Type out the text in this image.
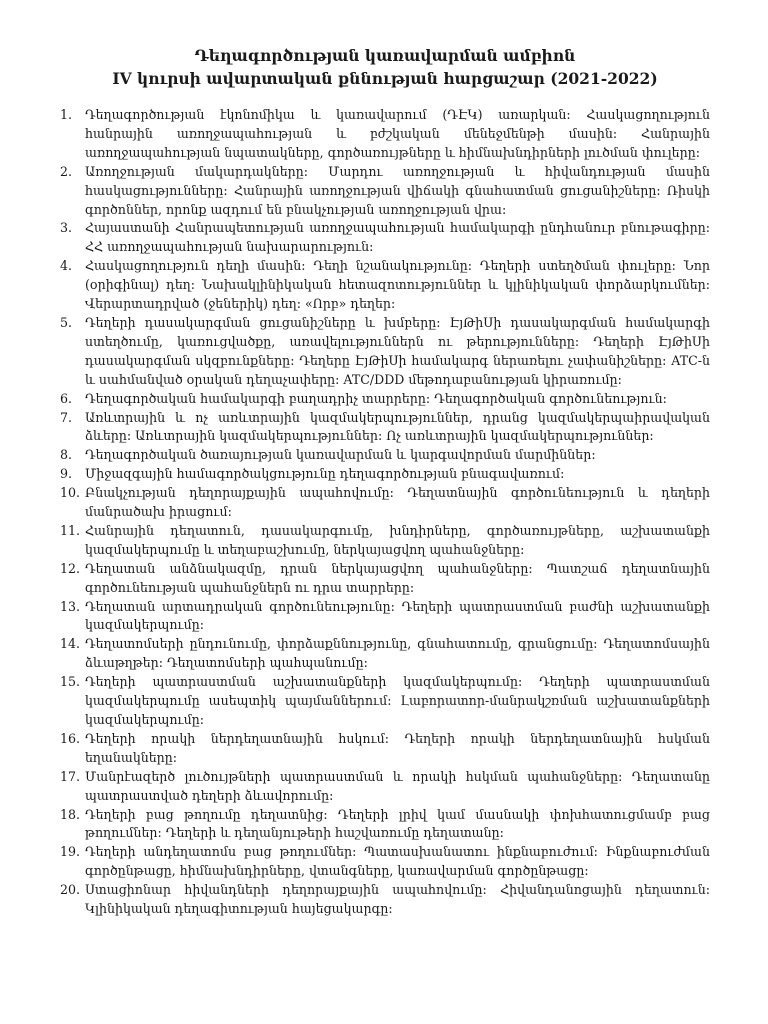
Դեղագործության կառավարման ամբիոն
IV կուրսի ավարտական քննության հարցաշար (2021-2022)
1.	Դեղագործության էկոնոմիկա և կառավարում (ԴԷԿ) առարկան: Հասկացողություն հանրային առողջապահության և բժշկական մենեջմենթի մասին: Հանրային առողջապահության նպատակները, գործառույթները և հիմնախնդիրների լուծման փուլերը:
2.	Առողջության մակարդակները: Մարդու առողջության և հիվանդության մասին հասկացությունները: Հանրային առողջության վիճակի գնահատման ցուցանիշները: Ռիսկի գործոններ, որոնք ազդում են բնակչության առողջության վրա:
3.	Հայաստանի Հանրապետության առողջապահության համակարգի ընդհանուր բնութագիրը: ՀՀ առողջապահության նախարարություն:
4.	Հասկացողություն դեղի մասին: Դեղի նշանակությունը: Դեղերի ստեղծման փուլերը: Նոր (օրիգինալ) դեղ: Նախակլինիկական հետազոտություններ և կլինիկական փորձարկումներ: Վերարտադրված (ջեներիկ) դեղ: «Որբ» դեղեր:
5.	Դեղերի դասակարգման ցուցանիշները և խմբերը: ԷյԹիՍի դասակարգման համակարգի ստեղծումը, կառուցվածքը, առավելություններն ու թերությունները: Դեղերի ԷյԹիՍի դասակարգման սկզբունքները: Դեղերը ԷյԹիՍի համակարգ ներառելու չափանիշները: ATC-ն և սահմանված օրական դեղաչափերը: ATC/DDD մեթոդաբանության կիրառումը:
6.	Դեղագործական համակարգի բաղադրիչ տարրերը: Դեղագործական գործունեություն:
7.	Առևտրային և ոչ առևտրային կազմակերպություններ, դրանց կազմակերպաիրավական ձևերը: Առևտրային կազմակերպություններ: Ոչ առևտրային կազմակերպություններ:
8.	Դեղագործական ծառայության կառավարման և կարգավորման մարմիններ:
9.	Միջազգային համագործակցությունը դեղագործության բնագավառում:
10. Բնակչության դեղորայքային ապահովումը: Դեղատնային գործունեություն և դեղերի մանրածախ իրացում:
11. Հանրային դեղատուն, դասակարգումը, խնդիրները, գործառույթները, աշխատանքի կազմակերպումը և տեղաբաշխումը, ներկայացվող պահանջները:
12. Դեղատան անձնակազմը, դրան ներկայացվող պահանջները: Պատշաճ դեղատնային գործունեության պահանջներն ու դրա տարրերը:
13. Դեղատան արտադրական գործունեությունը: Դեղերի պատրաստման բաժնի աշխատանքի կազմակերպումը:
14. Դեղատոմսերի ընդունումը, փորձաքննությունը, գնահատումը, գրանցումը: Դեղատոմսային ձևաթղթեր: Դեղատոմսերի պահպանումը:
15. Դեղերի պատրաստման աշխատանքների կազմակերպումը: Դեղերի պատրաստման կազմակերպումը ասեպտիկ պայմաններում: Լաբորատոր-մանրակշռման աշխատանքների կազմակերպումը:
16. Դեղերի որակի ներդեղատնային հսկում: Դեղերի որակի ներդեղատնային հսկման եղանակները:
17. Մանրէազերծ լուծույթների պատրաստման և որակի հսկման պահանջները: Դեղատանը պատրաստված դեղերի ձևավորումը:
18. Դեղերի բաց թողումը դեղատնից: Դեղերի լրիվ կամ մասնակի փոխհատուցմամբ բաց թողումներ: Դեղերի և դեղանյութերի հաշվառումը դեղատանը:
19. Դեղերի անդեղատոմս բաց թողումներ: Պատասխանատու ինքնաբուժում: Ինքնաբուժման գործընթացը, հիմնախնդիրները, վտանգները, կառավարման գործընթացը:
20. Ստացիոնար հիվանդների դեղորայքային ապահովումը: Հիվանդանոցային դեղատուն: Կլինիկական դեղագիտության հայեցակարգը:
